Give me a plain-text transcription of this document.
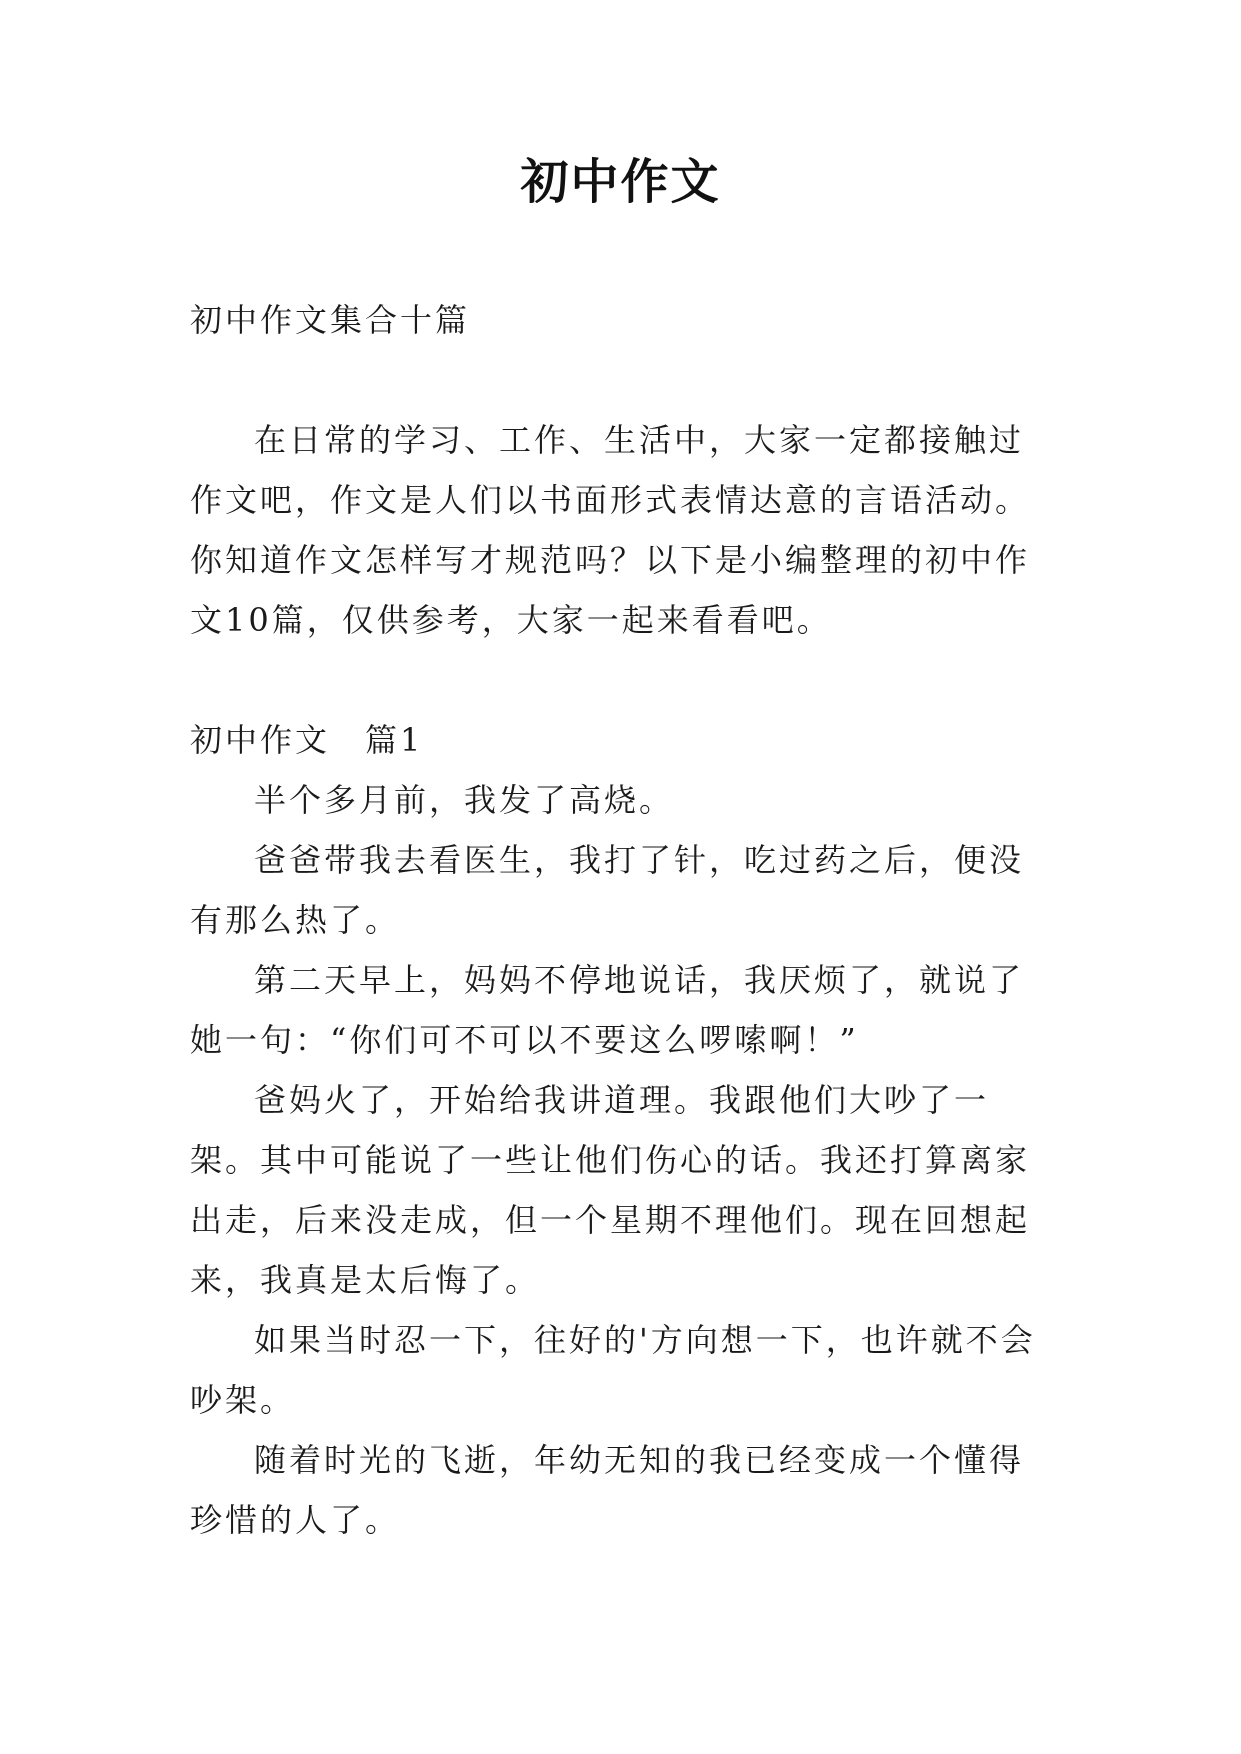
初中作文

初中作文集合十篇

在日常的学习、工作、生活中，大家一定都接触过作文吧，作文是人们以书面形式表情达意的言语活动。你知道作文怎样写才规范吗？以下是小编整理的初中作文10篇，仅供参考，大家一起来看看吧。

初中作文　篇1

半个多月前，我发了高烧。

爸爸带我去看医生，我打了针，吃过药之后，便没有那么热了。

第二天早上，妈妈不停地说话，我厌烦了，就说了她一句：“你们可不可以不要这么啰嗦啊！”

爸妈火了，开始给我讲道理。我跟他们大吵了一架。其中可能说了一些让他们伤心的话。我还打算离家出走，后来没走成，但一个星期不理他们。现在回想起来，我真是太后悔了。

如果当时忍一下，往好的'方向想一下，也许就不会吵架。

随着时光的飞逝，年幼无知的我已经变成一个懂得珍惜的人了。
